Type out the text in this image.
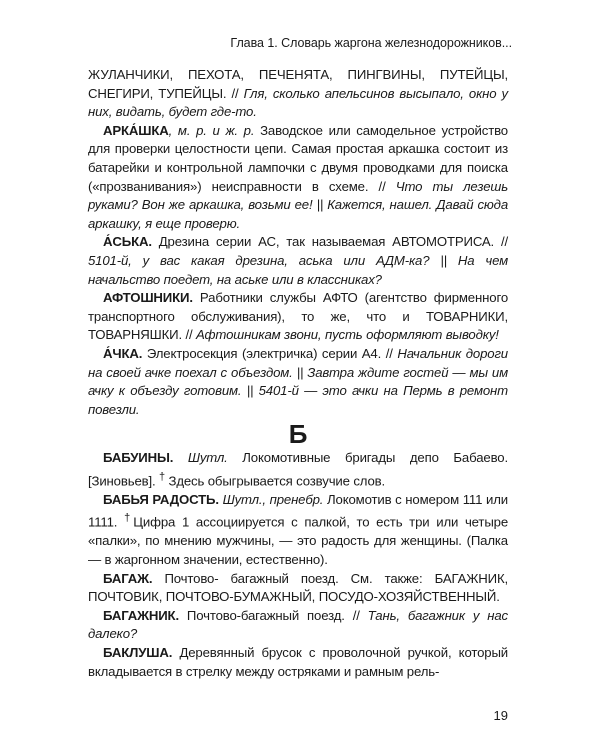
Глава 1. Словарь жаргона железнодорожников...

ЖУЛАНЧИКИ, ПЕХОТА, ПЕЧЕНЯТА, ПИНГВИНЫ, ПУТЕЙЦЫ, СНЕГИРИ, ТУПЕЙЦЫ. // Гля, сколько апельсинов высыпало, окно у них, видать, будет где-то.

АРКА́ШКА, м. р. и ж. р. Заводское или самодельное устройство для проверки целостности цепи. Самая простая аркашка состоит из батарейки и контрольной лампочки с двумя проводками для поиска («прозванивания») неисправности в схеме. // Что ты лезешь руками? Вон же аркашка, возьми ее! || Кажется, нашел. Давай сюда аркашку, я еще проверю.

А́СЬКА. Дрезина серии АС, так называемая АВТОМОТРИСА. // 5101-й, у вас какая дрезина, аська или АДМ-ка? || На чем начальство поедет, на аське или в классниках?

АФТОШНИКИ. Работники службы АФТО (агентство фирменного транспортного обслуживания), то же, что и ТОВАРНИКИ, ТОВАРНЯШКИ. // Афтошникам звони, пусть оформляют выводку!

А́ЧКА. Электросекция (электричка) серии А4. // Начальник дороги на своей ачке поехал с объездом. || Завтра ждите гостей — мы им ачку к объезду готовим. || 5401-й — это ачки на Пермь в ремонт повезли.

Б

БАБУИНЫ. Шутл. Локомотивные бригады депо Бабаево.[Зиновьев]. † Здесь обыгрывается созвучие слов.

БАБЬЯ РАДОСТЬ. Шутл., пренебр. Локомотив с номером 111 или 1111. †Цифра 1 ассоциируется с палкой, то есть три или четыре «палки», по мнению мужчины, — это радость для женщины. (Палка — в жаргонном значении, естественно).

БАГАЖ. Почтово- багажный поезд. См. также: БАГАЖНИК, ПОЧТОВИК, ПОЧТОВО-БУМАЖНЫЙ, ПОСУДО-ХОЗЯЙСТВЕННЫЙ.

БАГАЖНИК. Почтово-багажный поезд. // Тань, багажник у нас далеко?

БАКЛУША. Деревянный брусок с проволочной ручкой, который вкладывается в стрелку между остряками и рамным рель-

19
